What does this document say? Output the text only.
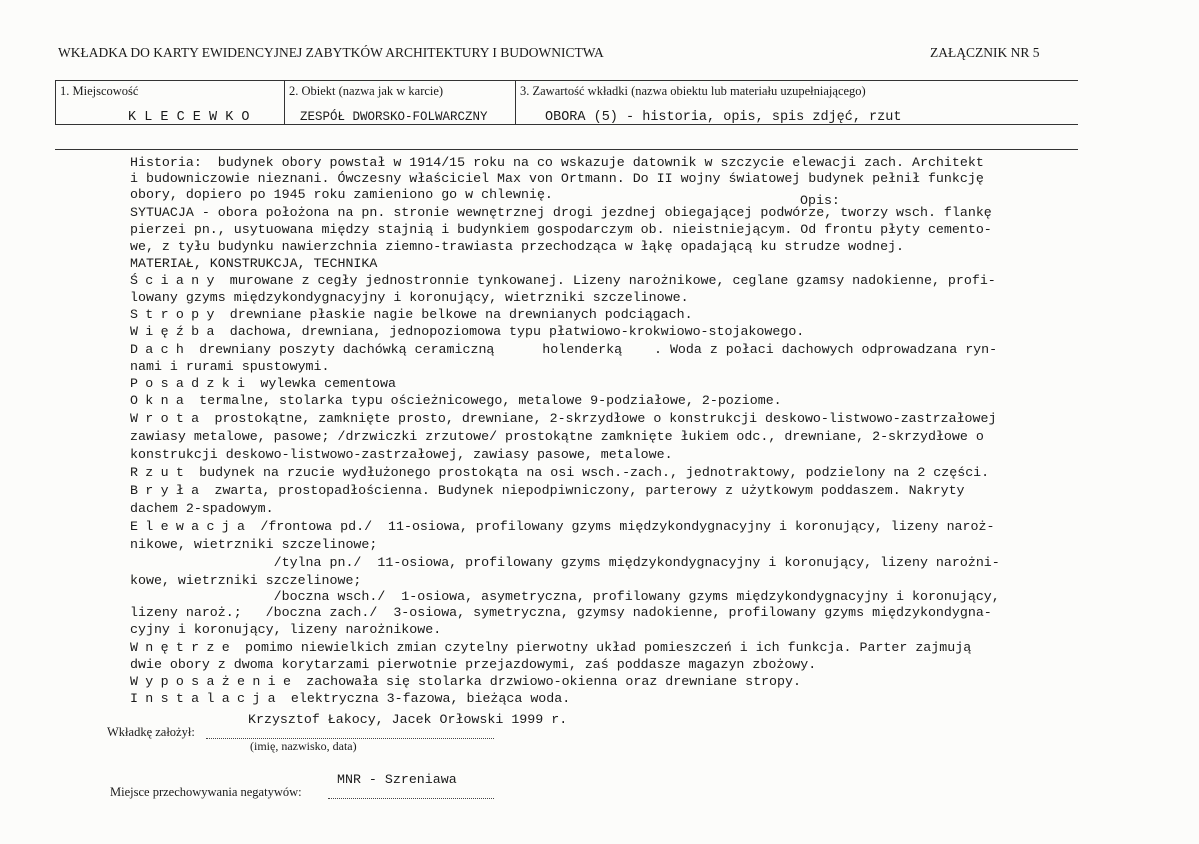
WKŁADKA DO KARTY EWIDENCYJNEJ ZABYTKÓW ARCHITEKTURY I BUDOWNICTWA	ZAŁĄCZNIK NR 5
1. Miejscowość
K L E C E W K O
2. Obiekt (nazwa jak w karcie)
ZESPÓŁ DWORSKO-FOLWARCZNY
3. Zawartość wkładki (nazwa obiektu lub materiału uzupełniającego)
OBORA (5) - historia, opis, spis zdjęć, rzut
Historia:  budynek obory powstał w 1914/15 roku na co wskazuje datownik w szczycie elewacji zach. Architekt
i budowniczowie nieznani. Ówczesny właściciel Max von Ortmann. Do II wojny światowej budynek pełnił funkcję
obory, dopiero po 1945 roku zamieniono go w chlewnię.	Opis:
SYTUACJA - obora położona na pn. stronie wewnętrznej drogi jezdnej obiegającej podwórze, tworzy wsch. flankę
pierzei pn., usytuowana między stajnią i budynkiem gospodarczym ob. nieistniejącym. Od frontu płyty cemento-
we, z tyłu budynku nawierzchnia ziemno-trawiasta przechodząca w łąkę opadającą ku strudze wodnej.
MATERIAŁ, KONSTRUKCJA, TECHNIKA
Ściany murowane z cegły jednostronnie tynkowanej. Lizeny narożnikowe, ceglane gzamsy nadokienne, profi-
lowany gzyms międzykondygnacyjny i koronujący, wietrzniki szczelinowe.
Stropy drewniane płaskie nagie belkowe na drewnianych podciągach.
Więźba dachowa, drewniana, jednopoziomowa typu płatwiowo-krokwiowo-stojakowego.
Dach drewniany poszyty dachówką ceramiczną      holenderką    . Woda z połaci dachowych odprowadzana ryn-
nami i rurami spustowymi.
Posadzki wylewka cementowa
Okna termalne, stolarka typu ościeżnicowego, metalowe 9-podziałowe, 2-poziome.
Wrota prostokątne, zamknięte prosto, drewniane, 2-skrzydłowe o konstrukcji deskowo-listwowo-zastrzałowej
zawiasy metalowe, pasowe; /drzwiczki zrzutowe/ prostokątne zamknięte łukiem odc., drewniane, 2-skrzydłowe o
konstrukcji deskowo-listwowo-zastrzałowej, zawiasy pasowe, metalowe.
Rzut budynek na rzucie wydłużonego prostokąta na osi wsch.-zach., jednotraktowy, podzielony na 2 części.
Bryła zwarta, prostopadłościenna. Budynek niepodpiwniczony, parterowy z użytkowym poddaszem. Nakryty
dachem 2-spadowym.
Elewacja /frontowa pd./  11-osiowa, profilowany gzyms międzykondygnacyjny i koronujący, lizeny naroż-
nikowe, wietrzniki szczelinowe;
/tylna pn./  11-osiowa, profilowany gzyms międzykondygnacyjny i koronujący, lizeny narożni-
kowe, wietrzniki szczelinowe;
/boczna wsch./  1-osiowa, asymetryczna, profilowany gzyms międzykondygnacyjny i koronujący,
lizeny naroż.;   /boczna zach./  3-osiowa, symetryczna, gzymsy nadokienne, profilowany gzyms międzykondygna-
cyjny i koronujący, lizeny narożnikowe.
Wnętrze pomimo niewielkich zmian czytelny pierwotny układ pomieszczeń i ich funkcja. Parter zajmują
dwie obory z dwoma korytarzami pierwotnie przejazdowymi, zaś poddasze magazyn zbożowy.
Wyposażenie zachowała się stolarka drzwiowo-okienna oraz drewniane stropy.
Instalacja elektryczna 3-fazowa, bieżąca woda.
Krzysztof Łakocy, Jacek Orłowski 1999 r.
Wkładkę założył:
(imię, nazwisko, data)
MNR - Szreniawa
Miejsce przechowywania negatywów:
